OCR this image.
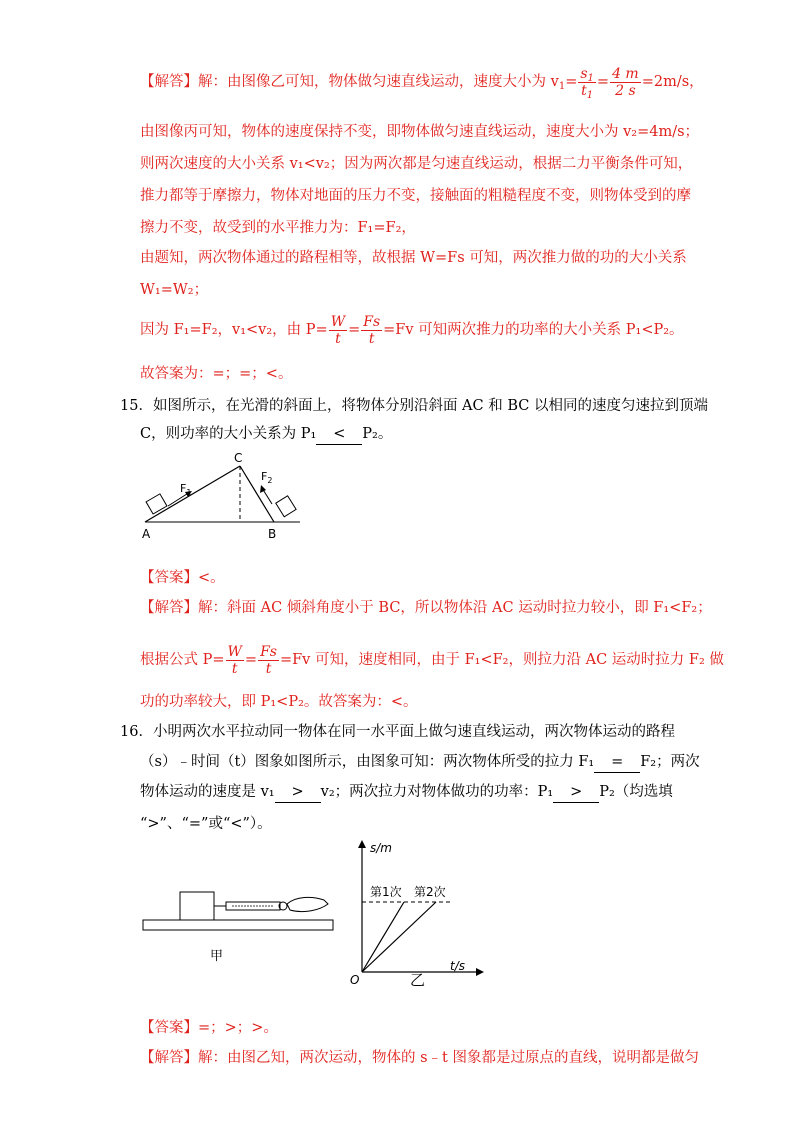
【解答】解：由图像乙可知，物体做匀速直线运动，速度大小为 $v_1= \frac{s_1}{t_1} = \frac{4 m}{2 s} =2m/s$，
由图像丙可知，物体的速度保持不变，即物体做匀速直线运动，速度大小为 v₂=4m/s；
则两次速度的大小关系 v₁<v₂；因为两次都是匀速直线运动，根据二力平衡条件可知，
推力都等于摩擦力，物体对地面的压力不变，接触面的粗糙程度不变，则物体受到的摩
擦力不变，故受到的水平推力为：F₁=F₂，
由题知，两次物体通过的路程相等，故根据 W=Fs 可知，两次推力做的功的大小关系
W₁=W₂；
因为 F₁=F₂，v₁<v₂，由 $P= \frac{W}{t} = \frac{Fs}{t} =Fv$ 可知两次推力的功率的大小关系 P₁<P₂。
故答案为：=；=；<。
15．如图所示，在光滑的斜面上，将物体分别沿斜面 AC 和 BC 以相同的速度匀速拉到顶端
C，则功率的大小关系为 P₁ < P₂。
C
A	B
$F_1$
$F_2$
【答案】<。
【解答】解：斜面 AC 倾斜角度小于 BC，所以物体沿 AC 运动时拉力较小，即 F₁<F₂；
根据公式 $P= \frac{W}{t} = \frac{Fs}{t} =Fv$ 可知，速度相同，由于 F₁<F₂，则拉力沿 AC 运动时拉力 F₂ 做
功的功率较大，即 P₁<P₂。故答案为：<。
16．小明两次水平拉动同一物体在同一水平面上做匀速直线运动，两次物体运动的路程
（s）﹣时间（t）图象如图所示，由图象可知：两次物体所受的拉力 F₁ = F₂；两次
物体运动的速度是 v₁ > v₂；两次拉力对物体做功的功率：P₁ > P₂（均选填
“>”、“=”或“<”）。
甲
s/m
t/s
O
第1次 第2次
乙
【答案】=；>；>。
【解答】解：由图乙知，两次运动，物体的 s﹣t 图象都是过原点的直线，说明都是做匀
